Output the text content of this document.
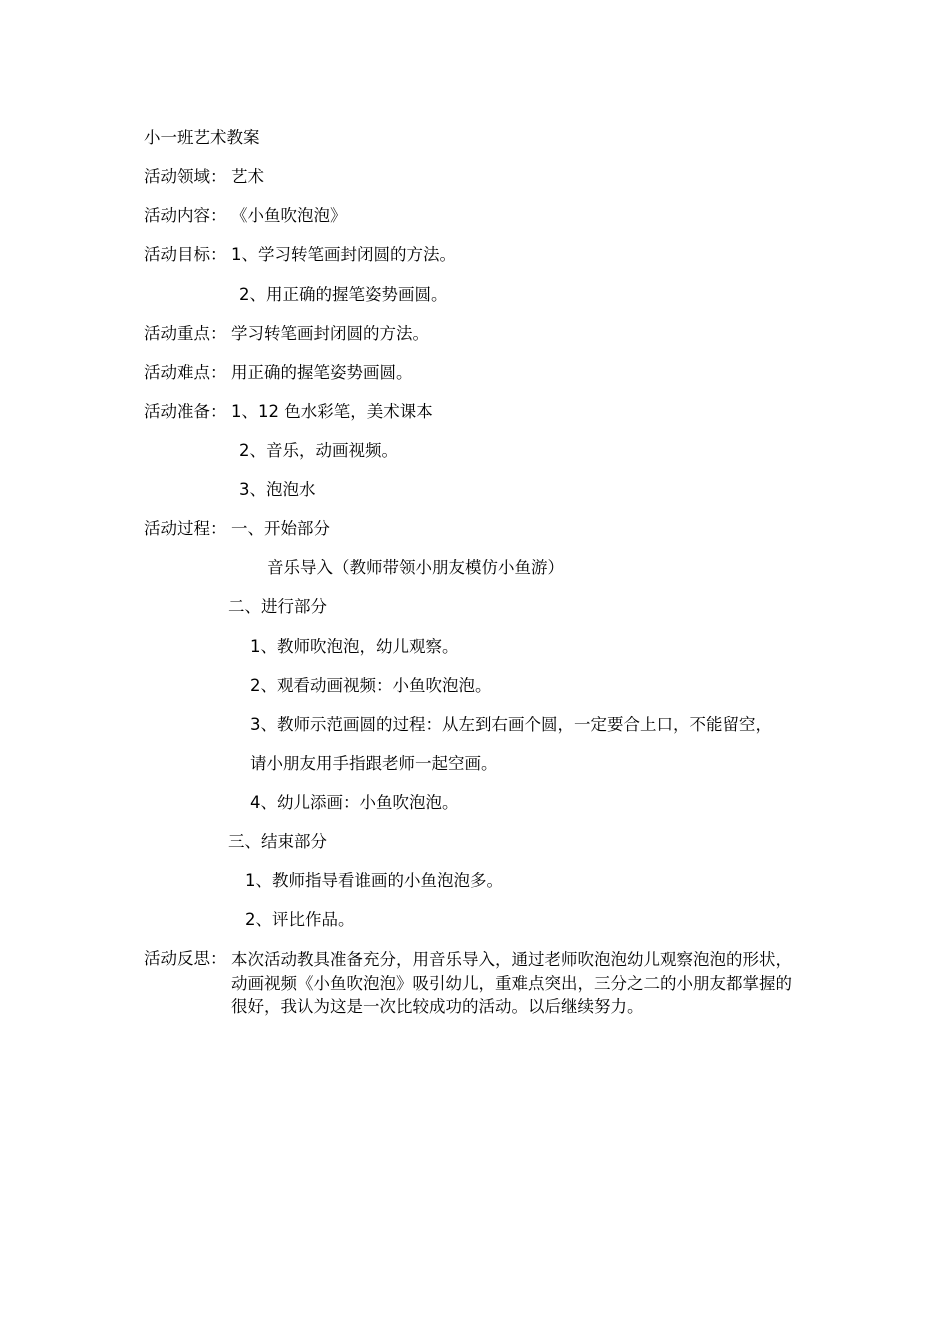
小一班艺术教案
活动领域： 艺术
活动内容： 《小鱼吹泡泡》
活动目标： 1、学习转笔画封闭圆的方法。
2、用正确的握笔姿势画圆。
活动重点： 学习转笔画封闭圆的方法。
活动难点： 用正确的握笔姿势画圆。
活动准备： 1、12 色水彩笔，美术课本
2、音乐，动画视频。
3、泡泡水
活动过程： 一、开始部分
音乐导入（教师带领小朋友模仿小鱼游）
二、进行部分
1、教师吹泡泡，幼儿观察。
2、观看动画视频：小鱼吹泡泡。
3、教师示范画圆的过程：从左到右画个圆，一定要合上口，不能留空，
请小朋友用手指跟老师一起空画。
4、幼儿添画：小鱼吹泡泡。
三、结束部分
1、教师指导看谁画的小鱼泡泡多。
2、评比作品。
活动反思： 本次活动教具准备充分，用音乐导入，通过老师吹泡泡幼儿观察泡泡的形状，动画视频《小鱼吹泡泡》吸引幼儿，重难点突出，三分之二的小朋友都掌握的很好，我认为这是一次比较成功的活动。以后继续努力。
